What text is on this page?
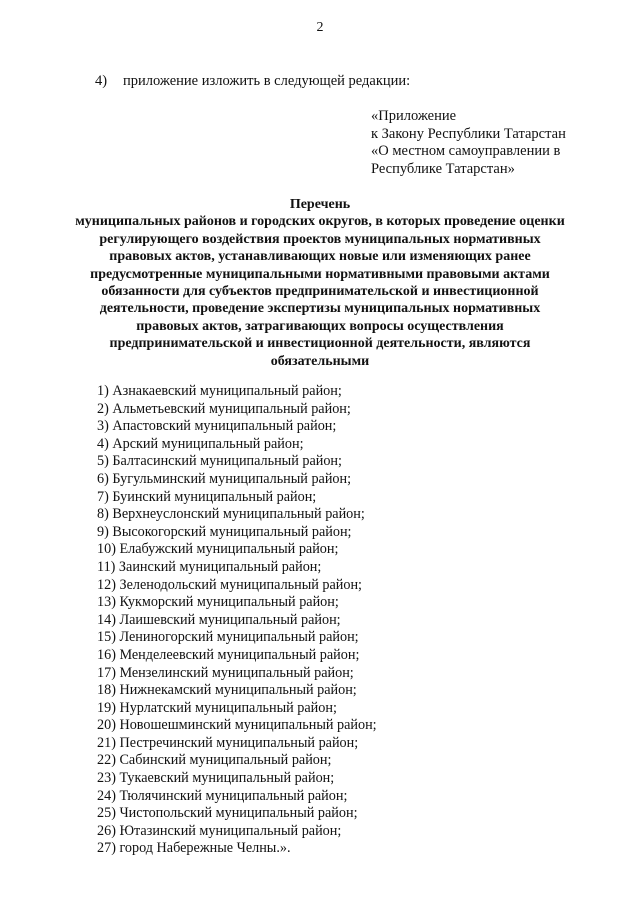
2
4) приложение изложить в следующей редакции:
«Приложение
к Закону Республики Татарстан
«О местном самоуправлении в
Республике Татарстан»
Перечень
муниципальных районов и городских округов, в которых проведение оценки
регулирующего воздействия проектов муниципальных нормативных
правовых актов, устанавливающих новые или изменяющих ранее
предусмотренные муниципальными нормативными правовыми актами
обязанности для субъектов предпринимательской и инвестиционной
деятельности, проведение экспертизы муниципальных нормативных
правовых актов, затрагивающих вопросы осуществления
предпринимательской и инвестиционной деятельности, являются
обязательными
1) Азнакаевский муниципальный район;
2) Альметьевский муниципальный район;
3) Апастовский муниципальный район;
4) Арский муниципальный район;
5) Балтасинский муниципальный район;
6) Бугульминский муниципальный район;
7) Буинский муниципальный район;
8) Верхнеуслонский муниципальный район;
9) Высокогорский муниципальный район;
10) Елабужский муниципальный район;
11) Заинский муниципальный район;
12) Зеленодольский муниципальный район;
13) Кукморский муниципальный район;
14) Лаишевский муниципальный район;
15) Лениногорский муниципальный район;
16) Менделеевский муниципальный район;
17) Мензелинский муниципальный район;
18) Нижнекамский муниципальный район;
19) Нурлатский муниципальный район;
20) Новошешминский муниципальный район;
21) Пестречинский муниципальный район;
22) Сабинский муниципальный район;
23) Тукаевский муниципальный район;
24) Тюлячинский муниципальный район;
25) Чистопольский муниципальный район;
26) Ютазинский муниципальный район;
27) город Набережные Челны.».
